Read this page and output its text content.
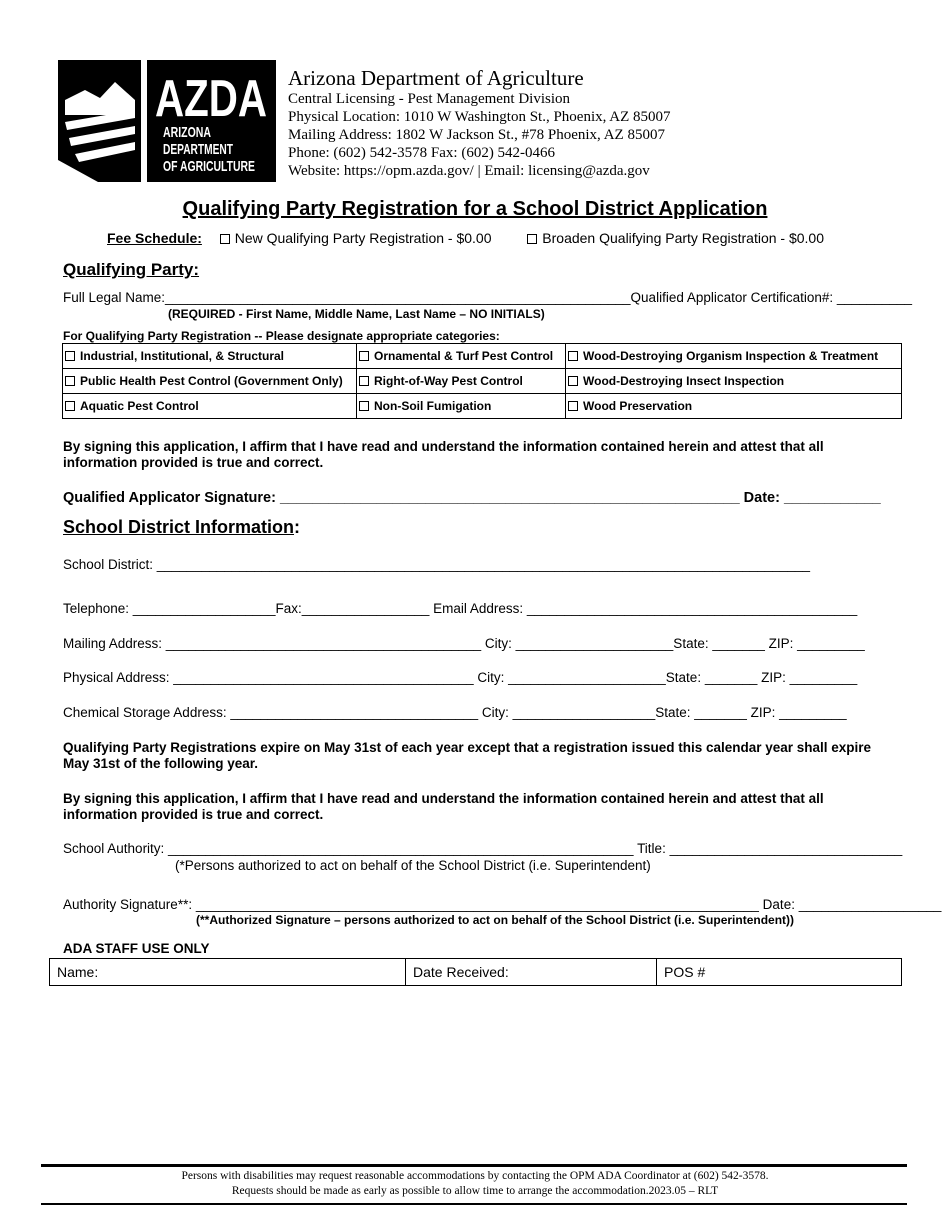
AZDA
ARIZONA
DEPARTMENT
OF AGRICULTURE
Arizona Department of Agriculture
Central Licensing - Pest Management Division
Physical Location: 1010 W Washington St., Phoenix, AZ 85007
Mailing Address: 1802 W Jackson St., #78 Phoenix, AZ 85007
Phone: (602) 542-3578 Fax: (602) 542-0466
Website: https://opm.azda.gov/ | Email: licensing@azda.gov
Qualifying Party Registration for a School District Application
Fee Schedule: New Qualifying Party Registration - $0.00	Broaden Qualifying Party Registration - $0.00
Qualifying Party:
Full Legal Name:______________________________________________________________Qualified Applicator Certification#: __________
(REQUIRED - First Name, Middle Name, Last Name – NO INITIALS)
For Qualifying Party Registration -- Please designate appropriate categories:
Industrial, Institutional, & Structural	Ornamental & Turf Pest Control	Wood-Destroying Organism Inspection & Treatment
Public Health Pest Control (Government Only)	Right-of-Way Pest Control	Wood-Destroying Insect Inspection
Aquatic Pest Control	Non-Soil Fumigation	Wood Preservation
By signing this application, I affirm that I have read and understand the information contained herein and attest that all information provided is true and correct.
Qualified Applicator Signature: _________________________________________________________ Date: ____________
School District Information:
School District: _______________________________________________________________________________________
Telephone: ___________________Fax:_________________ Email Address: ____________________________________________
Mailing Address: __________________________________________ City: _____________________State: _______ ZIP: _________
Physical Address: ________________________________________ City: _____________________State: _______ ZIP: _________
Chemical Storage Address: _________________________________ City: ___________________State: _______ ZIP: _________
Qualifying Party Registrations expire on May 31st of each year except that a registration issued this calendar year shall expire May 31st of the following year.
By signing this application, I affirm that I have read and understand the information contained herein and attest that all information provided is true and correct.
School Authority: ______________________________________________________________ Title: _______________________________
(*Persons authorized to act on behalf of the School District (i.e. Superintendent)
Authority Signature**: ___________________________________________________________________________ Date: ___________________
(**Authorized Signature – persons authorized to act on behalf of the School District (i.e. Superintendent))
ADA STAFF USE ONLY
Name:	Date Received:	POS #
Persons with disabilities may request reasonable accommodations by contacting the OPM ADA Coordinator at (602) 542-3578.
Requests should be made as early as possible to allow time to arrange the accommodation.2023.05 – RLT
